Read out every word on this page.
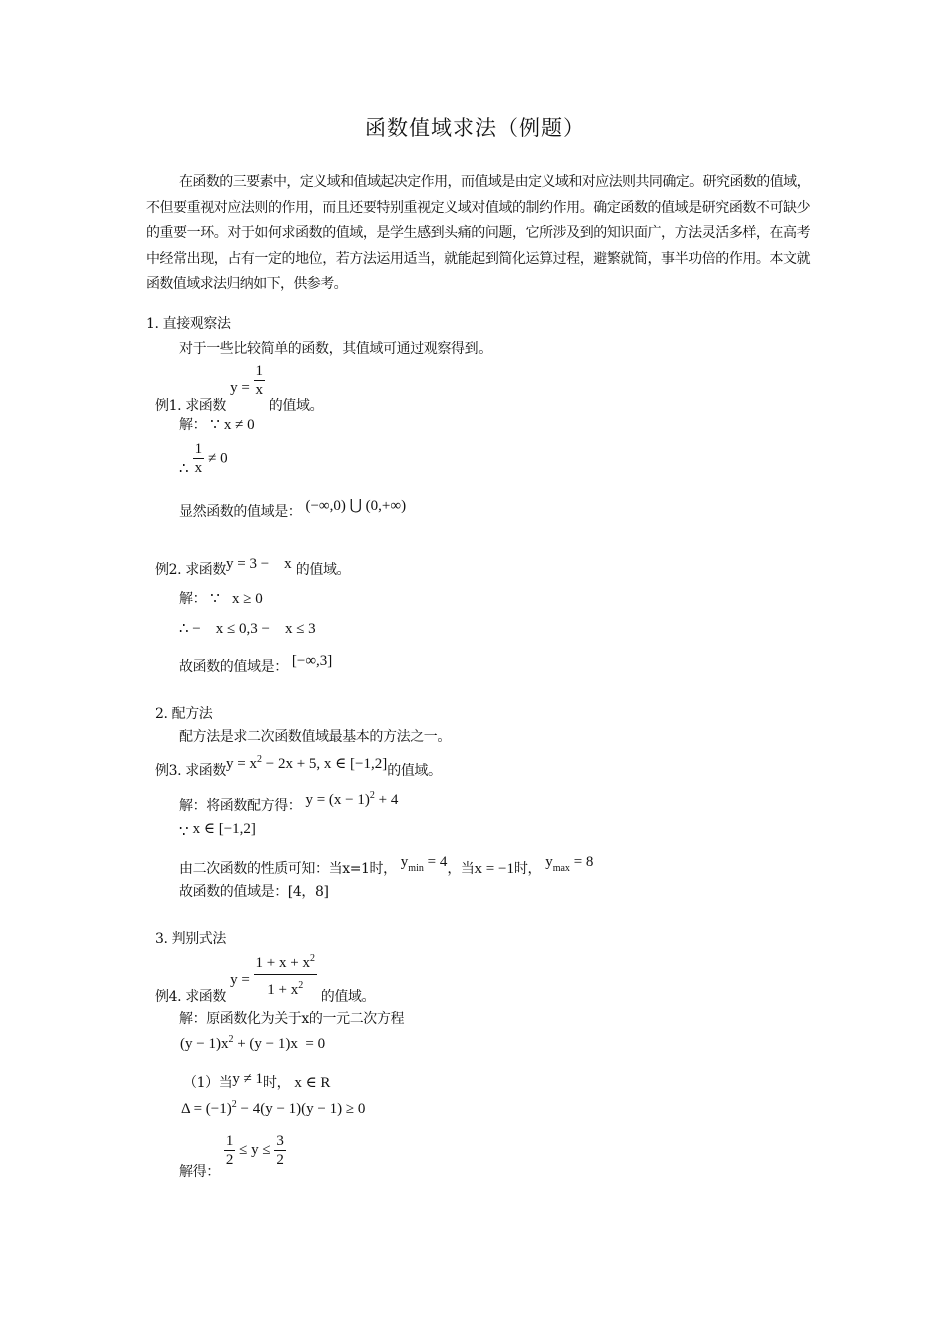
函数值域求法（例题）
在函数的三要素中，定义域和值域起决定作用，而值域是由定义域和对应法则共同确定。研究函数的值域，不但要重视对应法则的作用，而且还要特别重视定义域对值域的制约作用。确定函数的值域是研究函数不可缺少的重要一环。对于如何求函数的值域，是学生感到头痛的问题，它所涉及到的知识面广，方法灵活多样，在高考中经常出现，占有一定的地位，若方法运用适当，就能起到简化运算过程，避繁就简，事半功倍的作用。本文就函数值域求法归纳如下，供参考。
1. 直接观察法
对于一些比较简单的函数，其值域可通过观察得到。
例1. 求函数 $y = \frac{1}{x}$
的值域。
解： ∵ x ≠ 0
∴ $\frac{1}{x} \ne 0$
显然函数的值域是： (−∞,0) ⋃ (0,+∞)
例2. 求函数y = 3 −    x 的值域。
解： ∵ x ≥ 0
∴ −    x ≤ 0,3 −    x ≤ 3
故函数的值域是： [−∞,3]
2. 配方法
配方法是求二次函数值域最基本的方法之一。
例3. 求函数$y = x^2 - 2x + 5$, x ∈ [−1,2]的值域。
解：将函数配方得： $y = (x - 1)^2 + 4$
∵ x ∈ [−1,2]
由二次函数的性质可知：当x=1时， $y_{min} = 4$，当x = −1时， $y_{max} = 8$
故函数的值域是：[4，8]
3. 判别式法
例4. 求函数 $y = \frac{1 + x + x^2}{1 + x^2}$ 的值域。
解：原函数化为关于x的一元二次方程
$(y - 1)x^2 + (y - 1)x = 0$
（1）当y ≠ 1时， x ∈ R
$\Delta = (-1)^2 - 4(y - 1)(y - 1) \ge 0$
解得：
$\frac{1}{2} \le y \le \frac{3}{2}$
